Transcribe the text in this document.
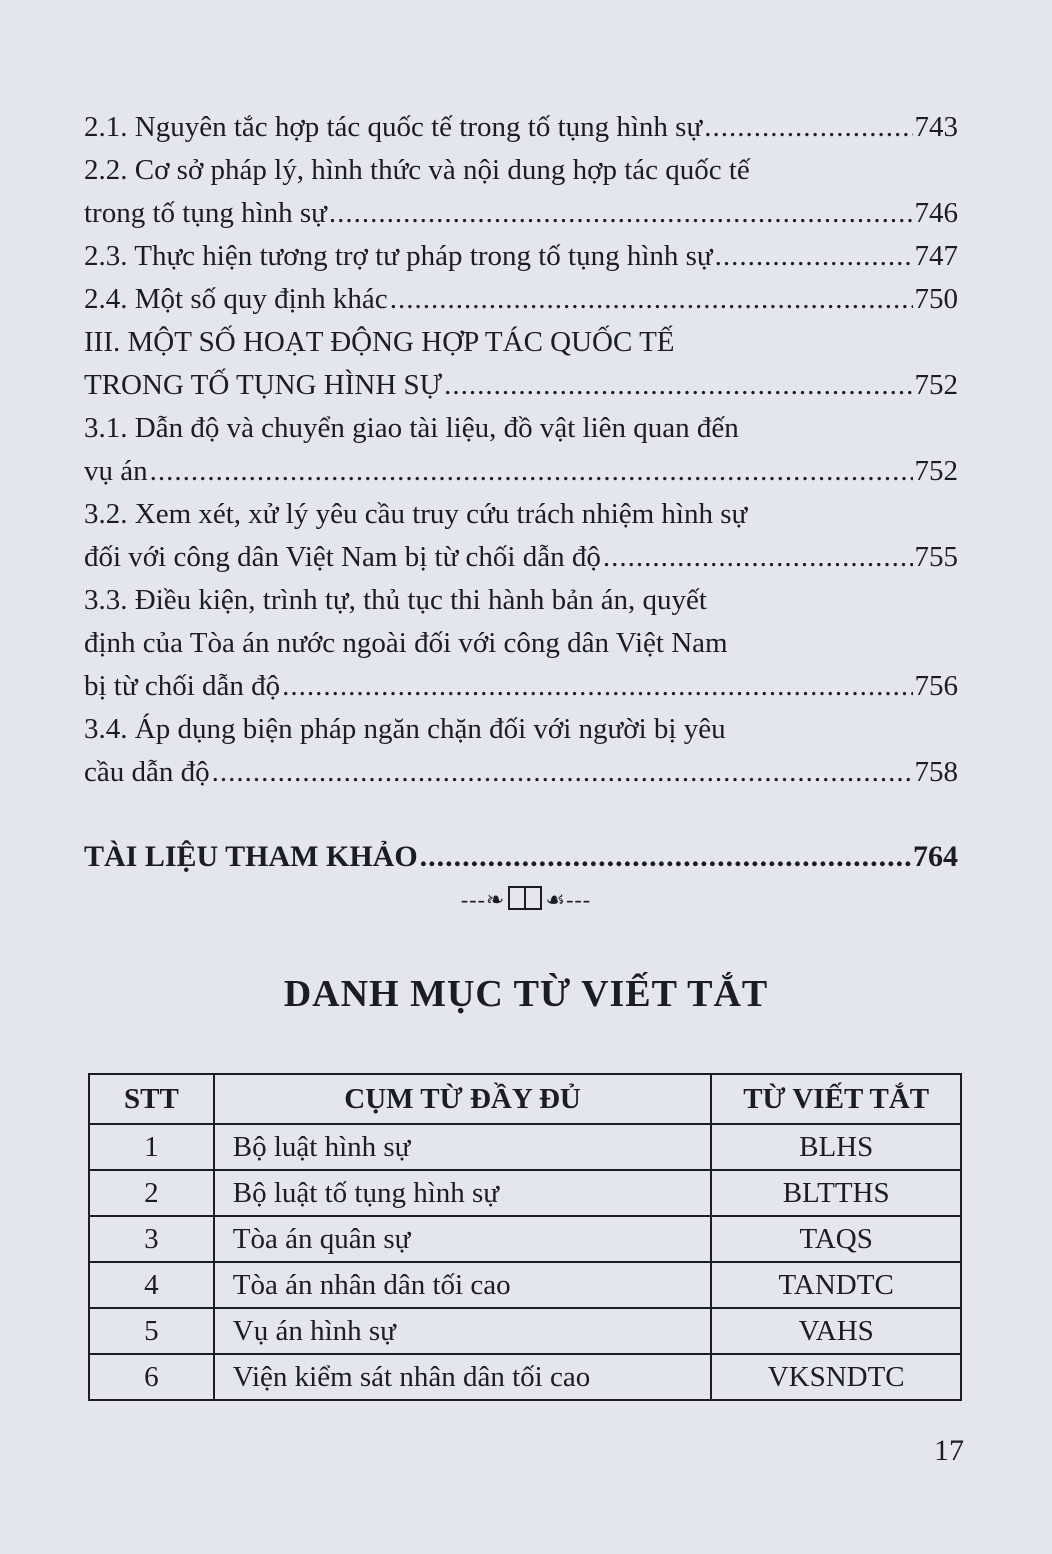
2.1. Nguyên tắc hợp tác quốc tế trong tố tụng hình sự .....	743
2.2. Cơ sở pháp lý, hình thức và nội dung hợp tác quốc tế
trong tố tụng hình sự .....	746
2.3. Thực hiện tương trợ tư pháp trong tố tụng hình sự .....	747
2.4. Một số quy định khác .....	750
III. MỘT SỐ HOẠT ĐỘNG HỢP TÁC QUỐC TẾ
TRONG TỐ TỤNG HÌNH SỰ .....	752
3.1. Dẫn độ và chuyển giao tài liệu, đồ vật liên quan đến
vụ án .....	752
3.2. Xem xét, xử lý yêu cầu truy cứu trách nhiệm hình sự
đối với công dân Việt Nam bị từ chối dẫn độ .....	755
3.3. Điều kiện, trình tự, thủ tục thi hành bản án, quyết
định của Tòa án nước ngoài đối với công dân Việt Nam
bị từ chối dẫn độ .....	756
3.4. Áp dụng biện pháp ngăn chặn đối với người bị yêu
cầu dẫn độ .....	758
TÀI LIỆU THAM KHẢO .....	764
---❧ ☙---
DANH MỤC TỪ VIẾT TẮT
STT	CỤM TỪ ĐẦY ĐỦ	TỪ VIẾT TẮT
1	Bộ luật hình sự	BLHS
2	Bộ luật tố tụng hình sự	BLTTHS
3	Tòa án quân sự	TAQS
4	Tòa án nhân dân tối cao	TANDTC
5	Vụ án hình sự	VAHS
6	Viện kiểm sát nhân dân tối cao	VKSNDTC
17
